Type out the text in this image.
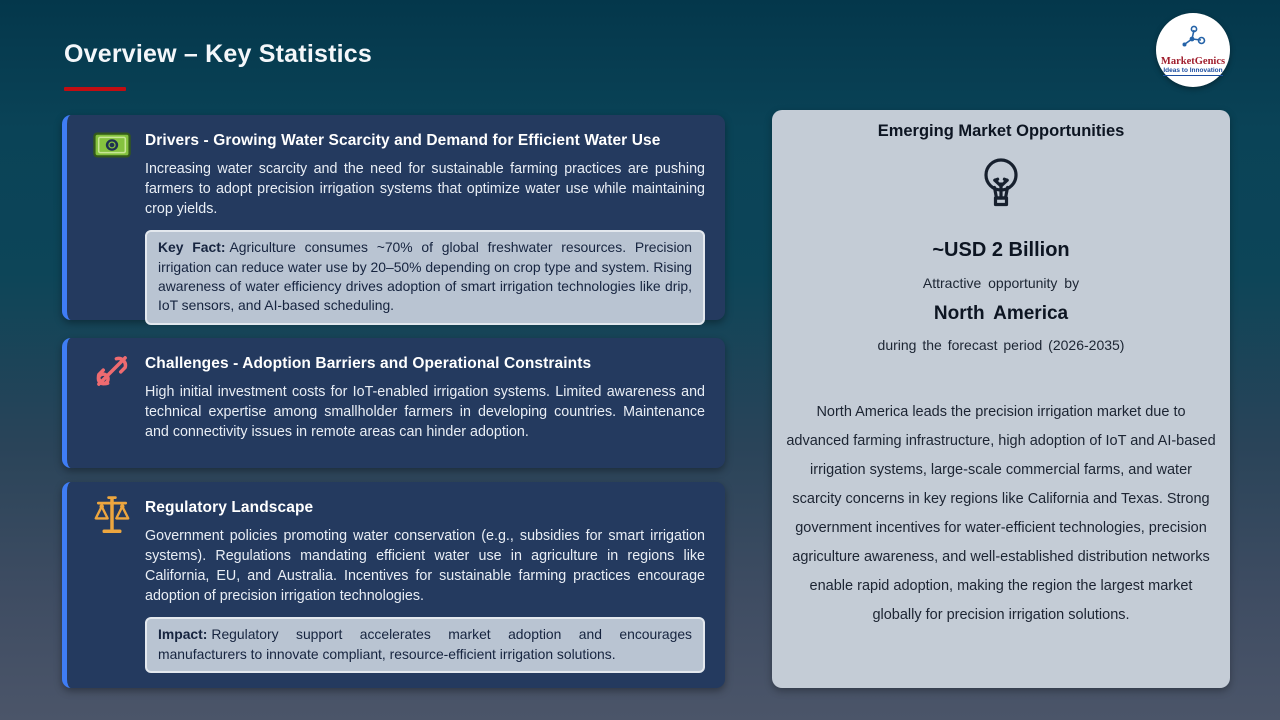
Overview – Key Statistics	MarketGenics
Ideas to Innovation
Drivers - Growing Water Scarcity and Demand for Efficient Water Use
Increasing water scarcity and the need for sustainable farming practices are pushing farmers to adopt precision irrigation systems that optimize water use while maintaining crop yields.
Key Fact: Agriculture consumes ~70% of global freshwater resources. Precision irrigation can reduce water use by 20–50% depending on crop type and system. Rising awareness of water efficiency drives adoption of smart irrigation technologies like drip, IoT sensors, and AI-based scheduling.
Challenges - Adoption Barriers and Operational Constraints
High initial investment costs for IoT-enabled irrigation systems. Limited awareness and technical expertise among smallholder farmers in developing countries. Maintenance and connectivity issues in remote areas can hinder adoption.
Regulatory Landscape
Government policies promoting water conservation (e.g., subsidies for smart irrigation systems). Regulations mandating efficient water use in agriculture in regions like California, EU, and Australia. Incentives for sustainable farming practices encourage adoption of precision irrigation technologies.
Impact: Regulatory support accelerates market adoption and encourages manufacturers to innovate compliant, resource-efficient irrigation solutions.
Emerging Market Opportunities
~USD 2 Billion
Attractive opportunity by
North America
during the forecast period (2026-2035)
North America leads the precision irrigation market due to advanced farming infrastructure, high adoption of IoT and AI-based irrigation systems, large-scale commercial farms, and water scarcity concerns in key regions like California and Texas. Strong government incentives for water-efficient technologies, precision agriculture awareness, and well-established distribution networks enable rapid adoption, making the region the largest market globally for precision irrigation solutions.
